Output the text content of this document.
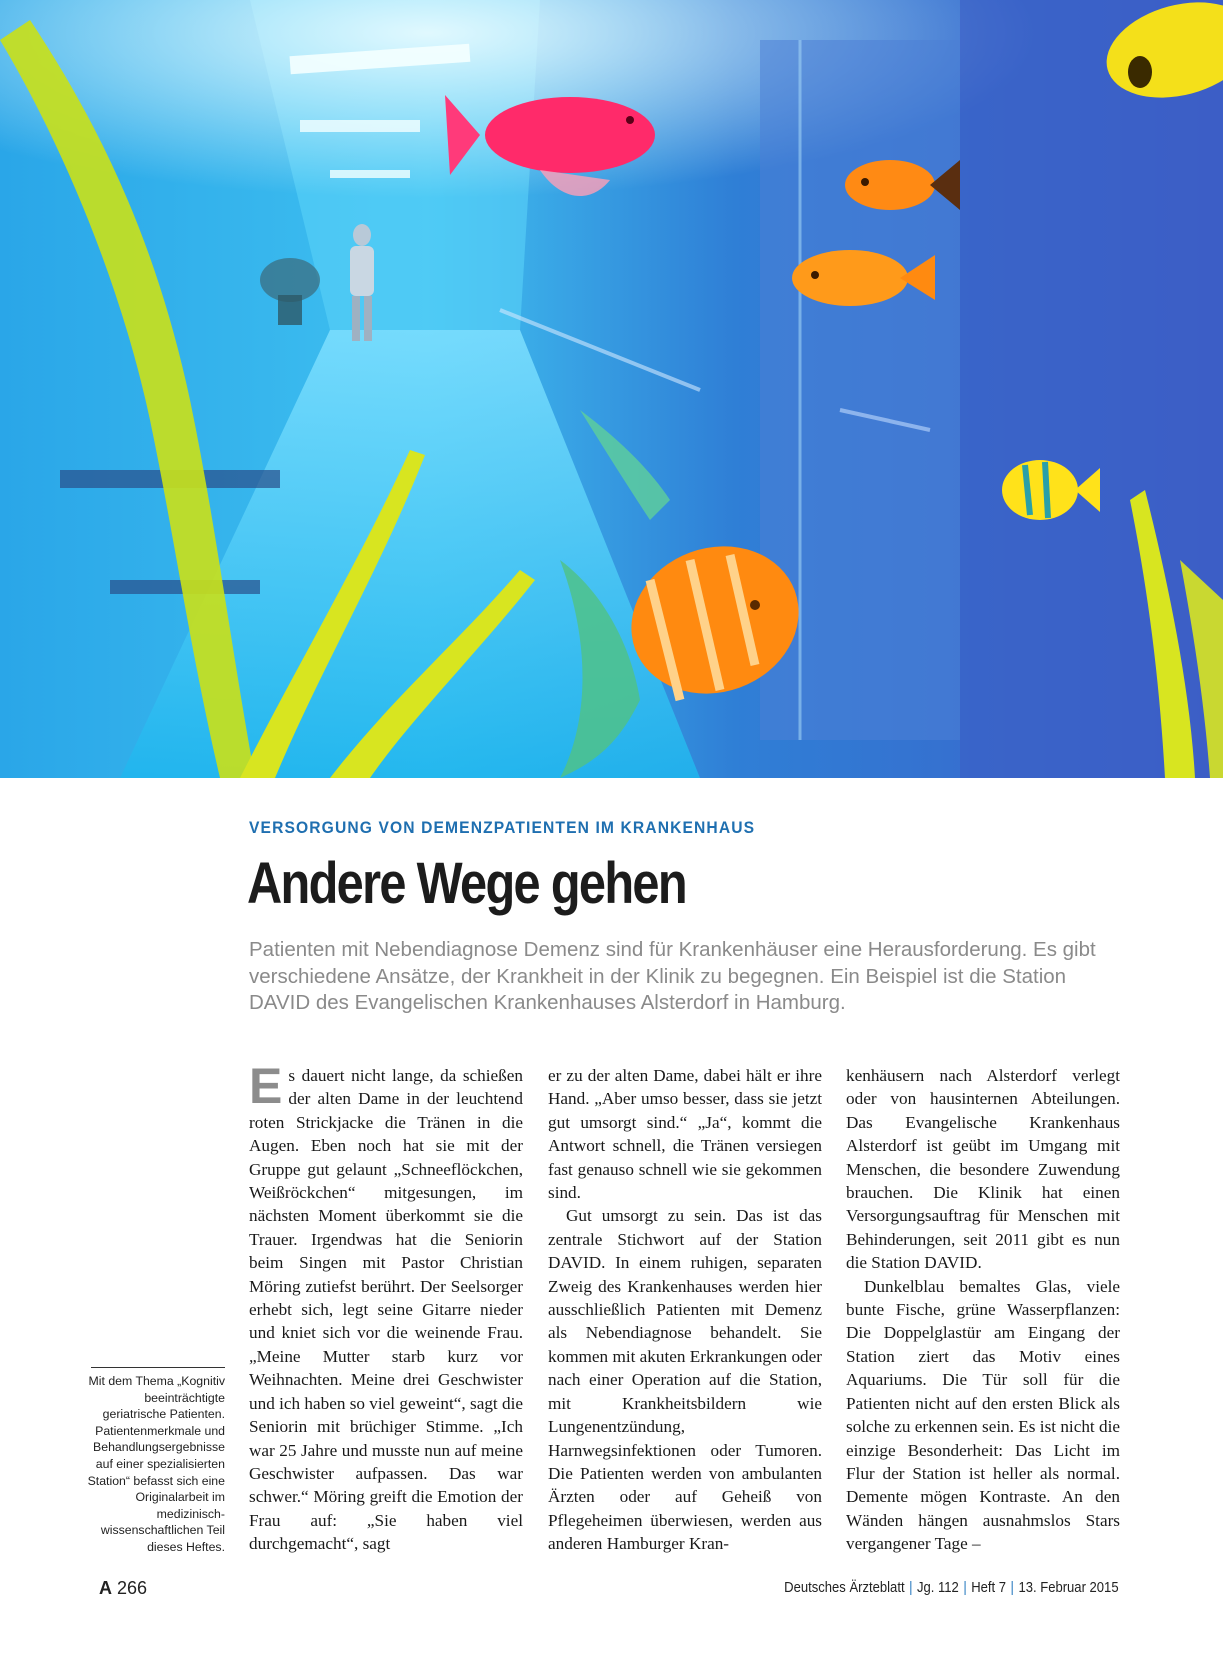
VERSORGUNG VON DEMENZPATIENTEN IM KRANKENHAUS
Andere Wege gehen
Patienten mit Nebendiagnose Demenz sind für Krankenhäuser eine Herausforderung. Es gibt verschiedene Ansätze, der Krankheit in der Klinik zu begegnen. Ein Beispiel ist die Station DAVID des Evangelischen Krankenhauses Alsterdorf in Hamburg.
Mit dem Thema „Kognitiv beeinträchtigte geriatrische Patienten. Patientenmerkmale und Behandlungsergebnisse auf einer spezialisierten Station“ befasst sich eine Originalarbeit im medizinisch-wissenschaftlichen Teil dieses Heftes.

Es dauert nicht lange, da schießen der alten Dame in der leuchtend roten Strickjacke die Tränen in die Augen. Eben noch hat sie mit der Gruppe gut gelaunt „Schneeflöckchen, Weißröckchen“ mitgesungen, im nächsten Moment überkommt sie die Trauer. Irgendwas hat die Seniorin beim Singen mit Pastor Christian Möring zutiefst berührt. Der Seelsorger erhebt sich, legt seine Gitarre nieder und kniet sich vor die weinende Frau. „Meine Mutter starb kurz vor Weihnachten. Meine drei Geschwister und ich haben so viel geweint“, sagt die Seniorin mit brüchiger Stimme. „Ich war 25 Jahre und musste nun auf meine Geschwister aufpassen. Das war schwer.“ Möring greift die Emotion der Frau auf: „Sie haben viel durchgemacht“, sagt

er zu der alten Dame, dabei hält er ihre Hand. „Aber umso besser, dass sie jetzt gut umsorgt sind.“ „Ja“, kommt die Antwort schnell, die Tränen versiegen fast genauso schnell wie sie gekommen sind.

Gut umsorgt zu sein. Das ist das zentrale Stichwort auf der Station DAVID. In einem ruhigen, separaten Zweig des Krankenhauses werden hier ausschließlich Patienten mit Demenz als Nebendiagnose behandelt. Sie kommen mit akuten Erkrankungen oder nach einer Operation auf die Station, mit Krankheitsbildern wie Lungenentzündung, Harnwegsinfektionen oder Tumoren. Die Patienten werden von ambulanten Ärzten oder auf Geheiß von Pflegeheimen überwiesen, werden aus anderen Hamburger Kran-

kenhäusern nach Alsterdorf verlegt oder von hausinternen Abteilungen. Das Evangelische Krankenhaus Alsterdorf ist geübt im Umgang mit Menschen, die besondere Zuwendung brauchen. Die Klinik hat einen Versorgungsauftrag für Menschen mit Behinderungen, seit 2011 gibt es nun die Station DAVID.

Dunkelblau bemaltes Glas, viele bunte Fische, grüne Wasserpflanzen: Die Doppelglastür am Eingang der Station ziert das Motiv eines Aquariums. Die Tür soll für die Patienten nicht auf den ersten Blick als solche zu erkennen sein. Es ist nicht die einzige Besonderheit: Das Licht im Flur der Station ist heller als normal. Demente mögen Kontraste. An den Wänden hängen ausnahmslos Stars vergangener Tage –

A 266	Deutsches Ärzteblatt | Jg. 112 | Heft 7 | 13. Februar 2015
